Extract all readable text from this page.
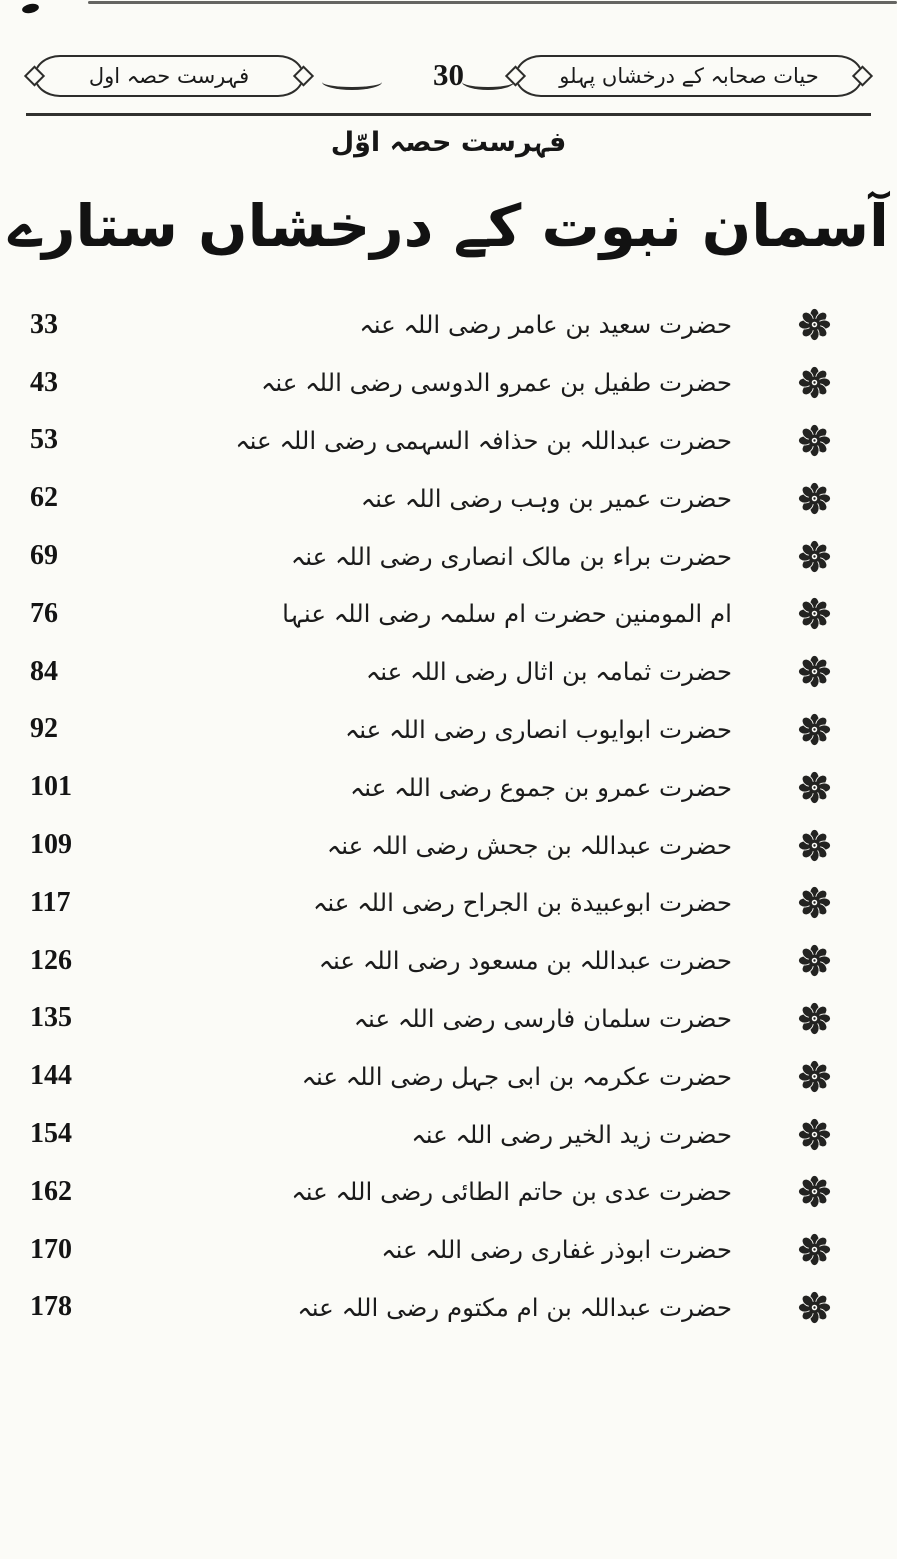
فہرست حصہ اول	30	حیات صحابہ کے درخشاں پہلو
فہرست حصہ اوّل
آسمان نبوت کے درخشاں ستارے
33	حضرت سعید بن عامر رضی اللہ عنہ
43	حضرت طفیل بن عمرو الدوسی رضی اللہ عنہ
53	حضرت عبداللہ بن حذافہ السہمی رضی اللہ عنہ
62	حضرت عمیر بن وہب رضی اللہ عنہ
69	حضرت براء بن مالک انصاری رضی اللہ عنہ
76	ام المومنین حضرت ام سلمہ رضی اللہ عنہا
84	حضرت ثمامہ بن اثال رضی اللہ عنہ
92	حضرت ابوایوب انصاری رضی اللہ عنہ
101	حضرت عمرو بن جموع رضی اللہ عنہ
109	حضرت عبداللہ بن جحش رضی اللہ عنہ
117	حضرت ابوعبیدة بن الجراح رضی اللہ عنہ
126	حضرت عبداللہ بن مسعود رضی اللہ عنہ
135	حضرت سلمان فارسی رضی اللہ عنہ
144	حضرت عکرمہ بن ابی جہل رضی اللہ عنہ
154	حضرت زید الخیر رضی اللہ عنہ
162	حضرت عدی بن حاتم الطائی رضی اللہ عنہ
170	حضرت ابوذر غفاری رضی اللہ عنہ
178	حضرت عبداللہ بن ام مکتوم رضی اللہ عنہ
